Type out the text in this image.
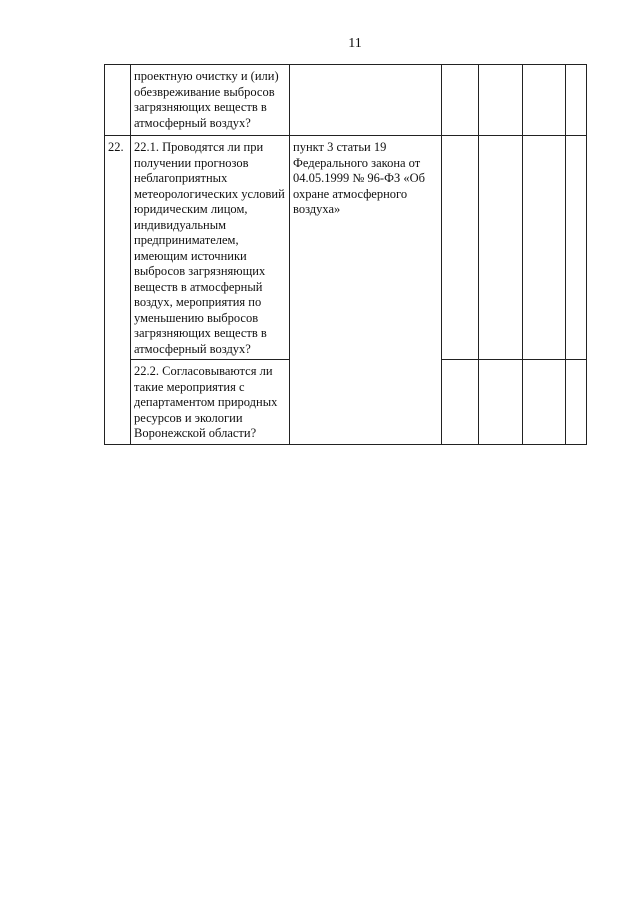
11
	проектную очистку и (или) обезвреживание выбросов загрязняющих веществ в атмосферный воздух?					
22.	22.1. Проводятся ли при получении прогнозов неблагоприятных метеорологических условий юридическим лицом, индивидуальным предпринимателем, имеющим источники выбросов загрязняющих веществ в атмосферный воздух, мероприятия по уменьшению выбросов загрязняющих веществ в атмосферный воздух?	пункт 3 статьи 19 Федерального закона от 04.05.1999 № 96-ФЗ «Об охране атмосферного воздуха»				
	22.2. Согласовываются ли такие мероприятия с департаментом природных ресурсов и экологии Воронежской области?					
